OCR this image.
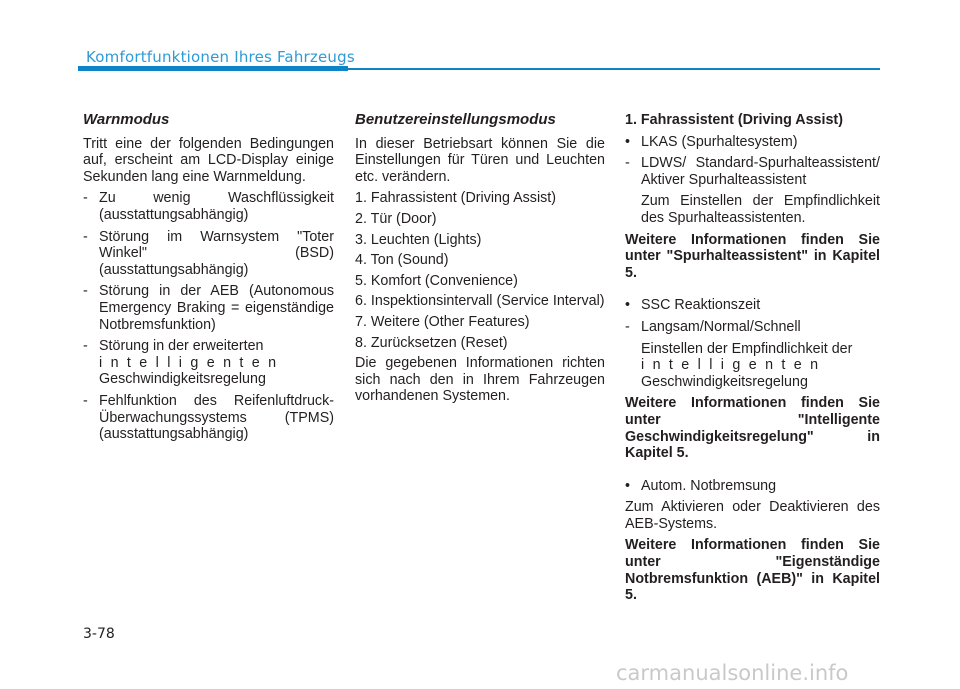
Komfortfunktionen Ihres Fahrzeugs
Warnmodus

Tritt eine der folgenden Bedingungen auf, erscheint am LCD-Display einige Sekunden lang eine Warnmeldung.

- Zu wenig Waschflüssigkeit (ausstattungsabhängig)
- Störung im Warnsystem "Toter Winkel" (BSD) (ausstattungsabhängig)
- Störung in der AEB (Autonomous Emergency Braking = eigenständige Notbremsfunktion)
- Störung in der erweiterten
intelligenten
Geschwindigkeitsregelung
- Fehlfunktion des Reifenluftdruck-Überwachungssystems (TPMS) (ausstattungsabhängig)
Benutzereinstellungsmodus

In dieser Betriebsart können Sie die Einstellungen für Türen und Leuchten etc. verändern.

1. Fahrassistent (Driving Assist)
2. Tür (Door)
3. Leuchten (Lights)
4. Ton (Sound)
5. Komfort (Convenience)
6. Inspektionsintervall (Service Interval)
7. Weitere (Other Features)
8. Zurücksetzen (Reset)

Die gegebenen Informationen richten sich nach den in Ihrem Fahrzeugen vorhandenen Systemen.

1. Fahrassistent (Driving Assist)
• LKAS (Spurhaltesystem)
- LDWS/ Standard-Spurhalteassistent/ Aktiver Spurhalteassistent
Zum Einstellen der Empfindlichkeit des Spurhalteassistenten.
Weitere Informationen finden Sie unter "Spurhalteassistent" in Kapitel 5.
• SSC Reaktionszeit
- Langsam/Normal/Schnell
Einstellen der Empfindlichkeit der
intelligenten
Geschwindigkeitsregelung
Weitere Informationen finden Sie unter "Intelligente Geschwindigkeitsregelung" in Kapitel 5.
• Autom. Notbremsung

Zum Aktivieren oder Deaktivieren des AEB-Systems.

Weitere Informationen finden Sie unter "Eigenständige Notbremsfunktion (AEB)" in Kapitel 5.
3-78
carmanualsonline.info
